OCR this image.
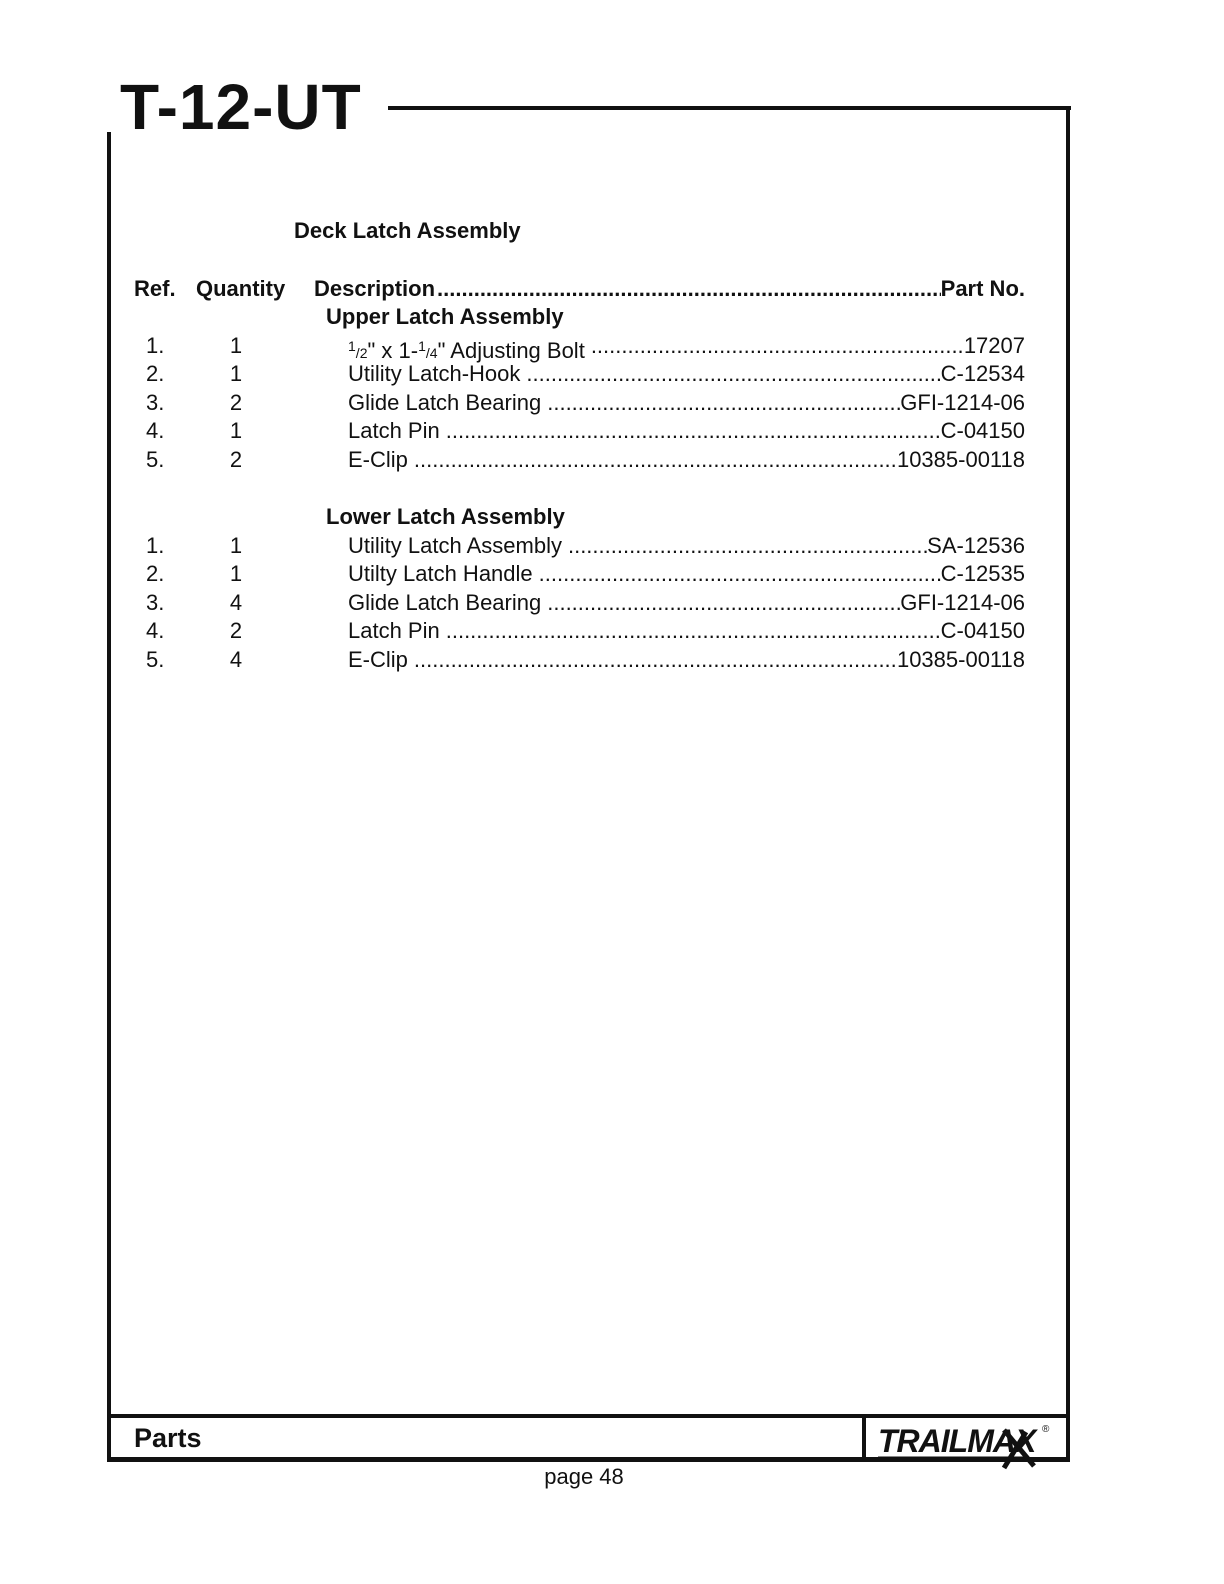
T-12-UT
Deck Latch Assembly
Ref. Quantity Description .....	Part No.
Upper Latch Assembly
1.	1	$^1$/2" x 1-$^1$/4" Adjusting Bolt .....	17207
2.	1	Utility Latch-Hook .....	C-12534
3.	2	Glide Latch Bearing .....	GFI-1214-06
4.	1	Latch Pin .....	C-04150
5.	2	E-Clip .....	10385-00118
Lower Latch Assembly
1.	1	Utility Latch Assembly .....	SA-12536
2.	1	Utilty Latch Handle .....	C-12535
3.	4	Glide Latch Bearing .....	GFI-1214-06
4.	2	Latch Pin .....	C-04150
5.	4	E-Clip .....	10385-00118
Parts	TRAILMAX ®
page 48
